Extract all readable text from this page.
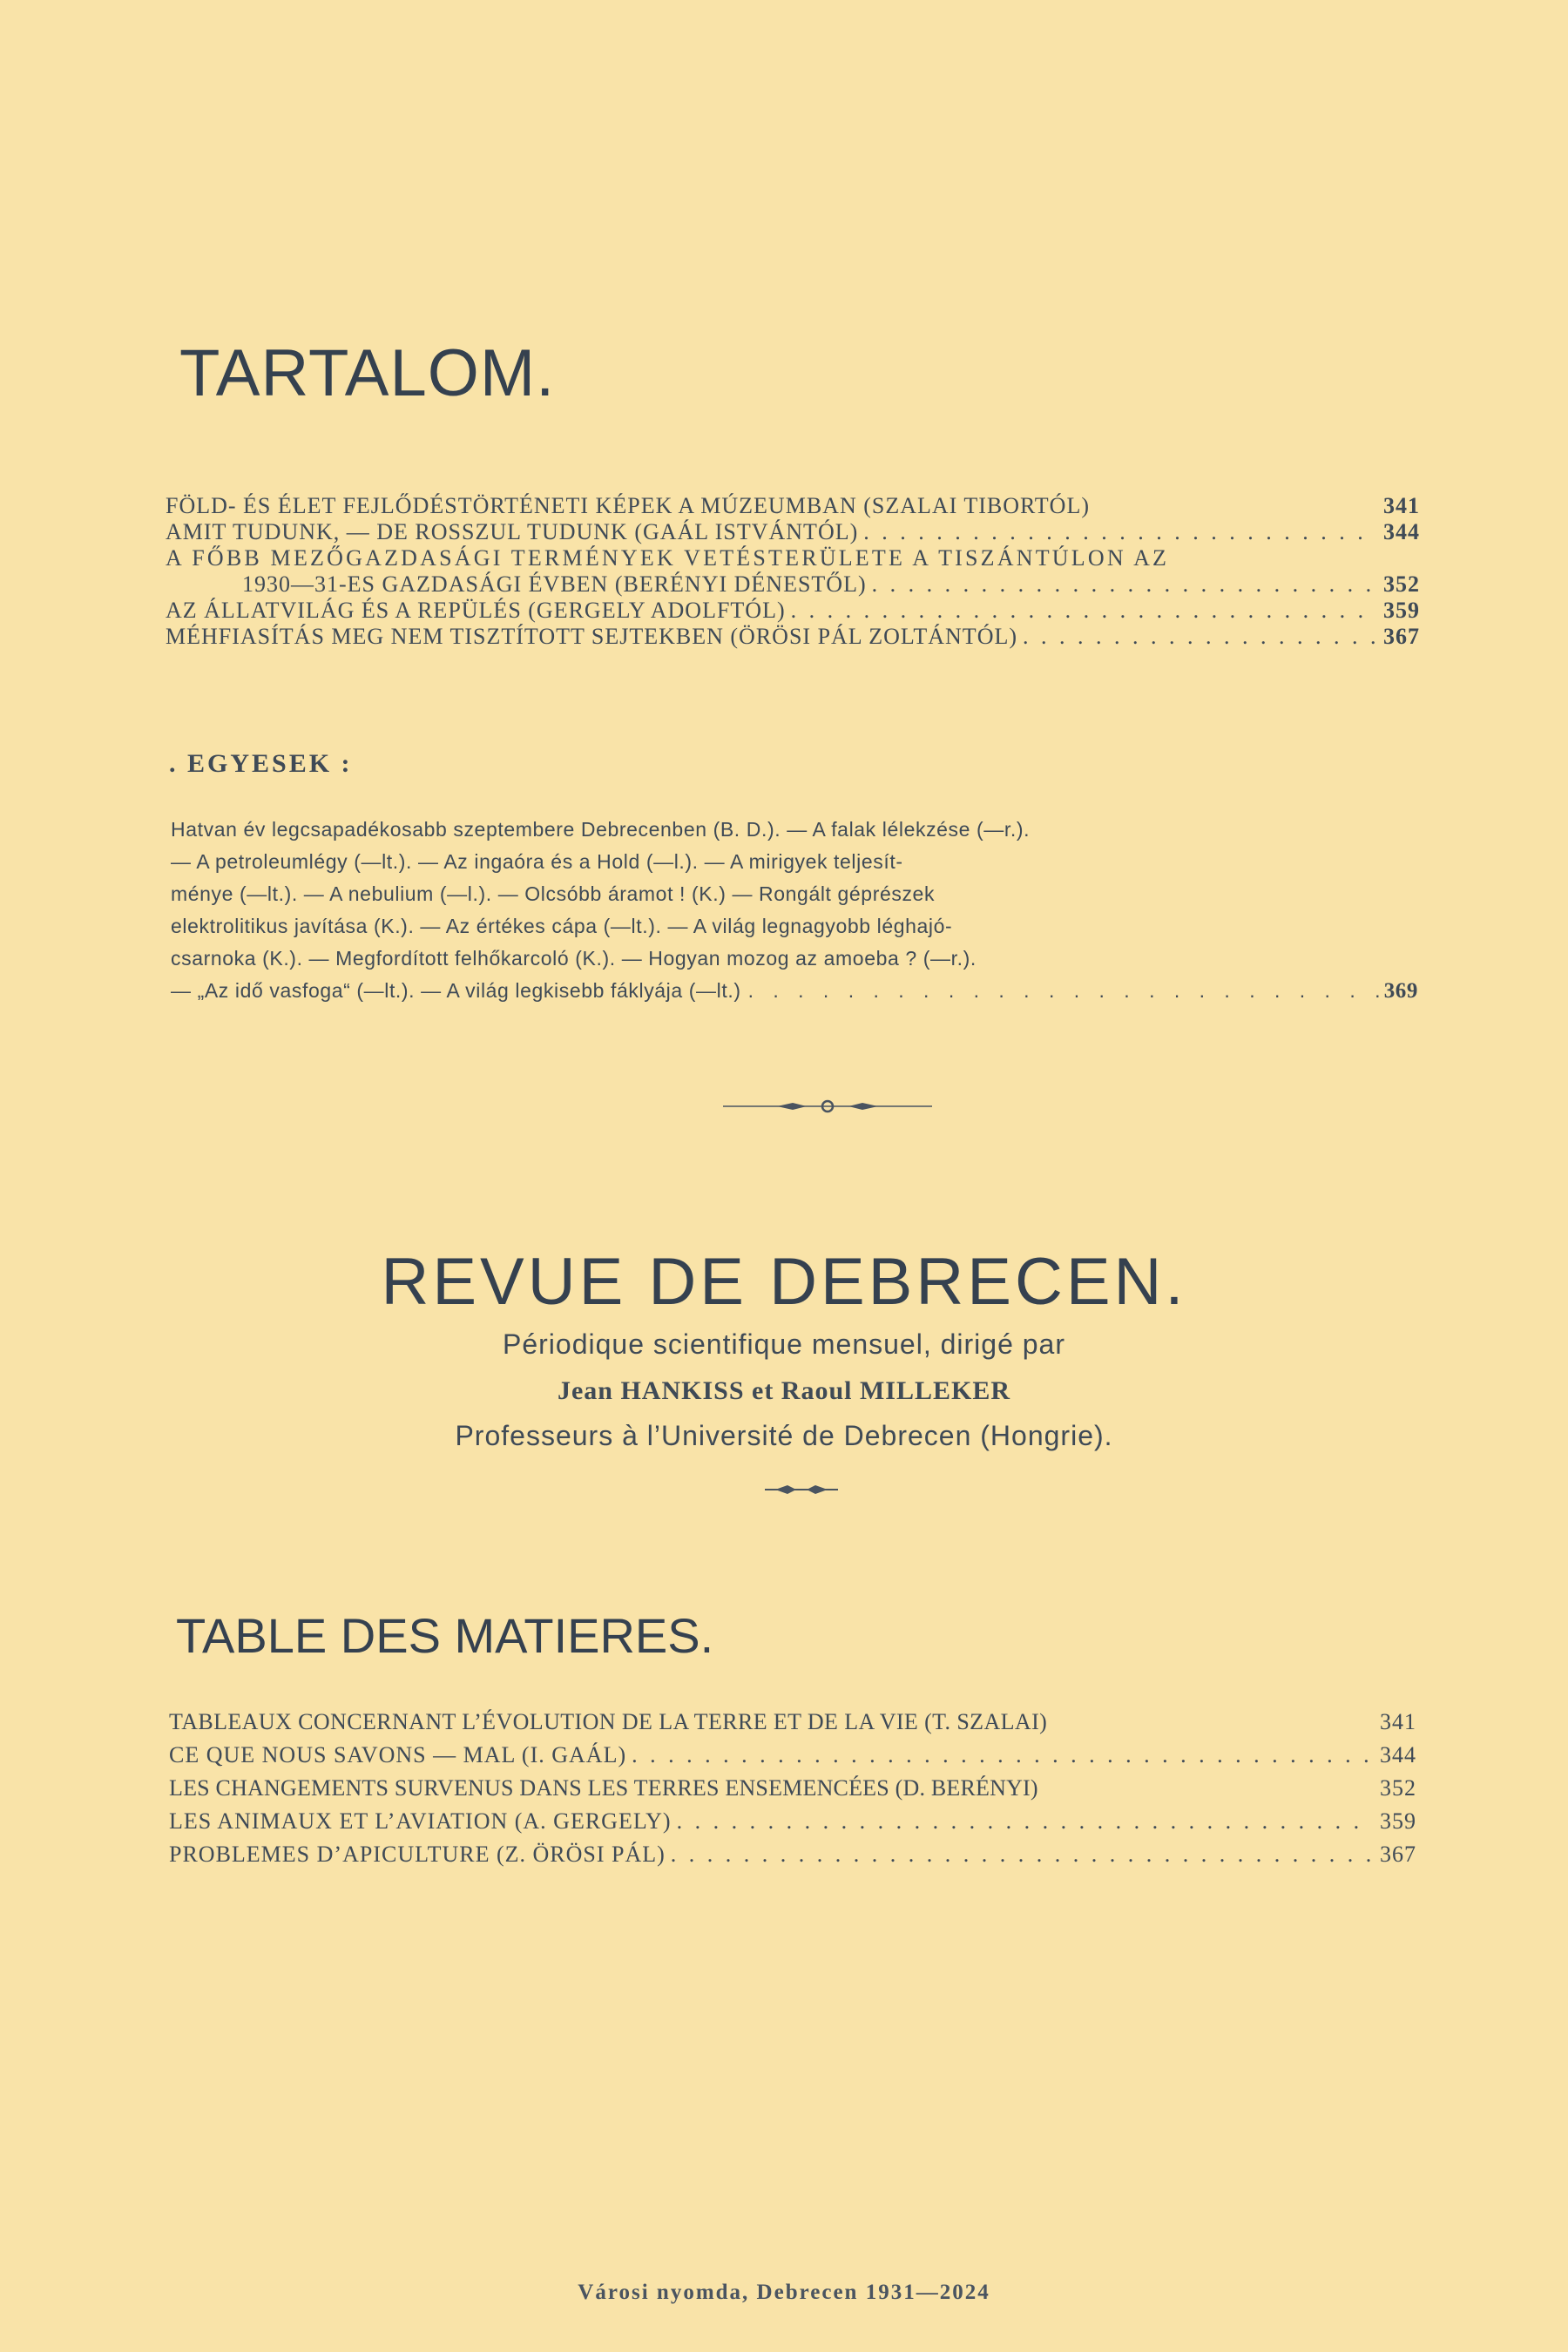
TARTALOM.
FÖLD- ÉS ÉLET FEJLŐDÉSTÖRTÉNETI KÉPEK A MÚZEUMBAN (SZALAI TIBORTÓL)	341
AMIT TUDUNK, — DE ROSSZUL TUDUNK (GAÁL ISTVÁNTÓL) . . .	344
A FŐBB MEZŐGAZDASÁGI TERMÉNYEK VETÉSTERÜLETE A TISZÁNTÚLON AZ
1930—31-ES GAZDASÁGI ÉVBEN (BERÉNYI DÉNESTŐL) . . .	352
AZ ÁLLATVILÁG ÉS A REPÜLÉS (GERGELY ADOLFTÓL) . . .	359
MÉHFIASÍTÁS MEG NEM TISZTÍTOTT SEJTEKBEN (ÖRÖSI PÁL ZOLTÁNTÓL) . . .	367
. EGYESEK :
Hatvan év legcsapadékosabb szeptembere Debrecenben (B. D.). — A falak lélekzése (—r.).
— A petroleumlégy (—lt.). — Az ingaóra és a Hold (—l.). — A mirigyek teljesít-
ménye (—lt.). — A nebulium (—l.). — Olcsóbb áramot ! (K.) — Rongált géprészek
elektrolitikus javítása (K.). — Az értékes cápa (—lt.). — A világ legnagyobb léghajó-
csarnoka (K.). — Megfordított felhőkarcoló (K.). — Hogyan mozog az amoeba ? (—r.).
— „Az idő vasfoga“ (—lt.). — A világ legkisebb fáklyája (—lt.) . . .	369
REVUE DE DEBRECEN.
Périodique scientifique mensuel, dirigé par
Jean HANKISS et Raoul MILLEKER
Professeurs à l’Université de Debrecen (Hongrie).
TABLE DES MATIERES.
TABLEAUX CONCERNANT L’ÉVOLUTION DE LA TERRE ET DE LA VIE (T. SZALAI)	341
CE QUE NOUS SAVONS — MAL (I. GAÁL) . . .	344
LES CHANGEMENTS SURVENUS DANS LES TERRES ENSEMENCÉES (D. BERÉNYI)	352
LES ANIMAUX ET L’AVIATION (A. GERGELY) . . .	359
PROBLEMES D’APICULTURE (Z. ÖRÖSI PÁL) . . .	367
Városi nyomda, Debrecen 1931—2024
